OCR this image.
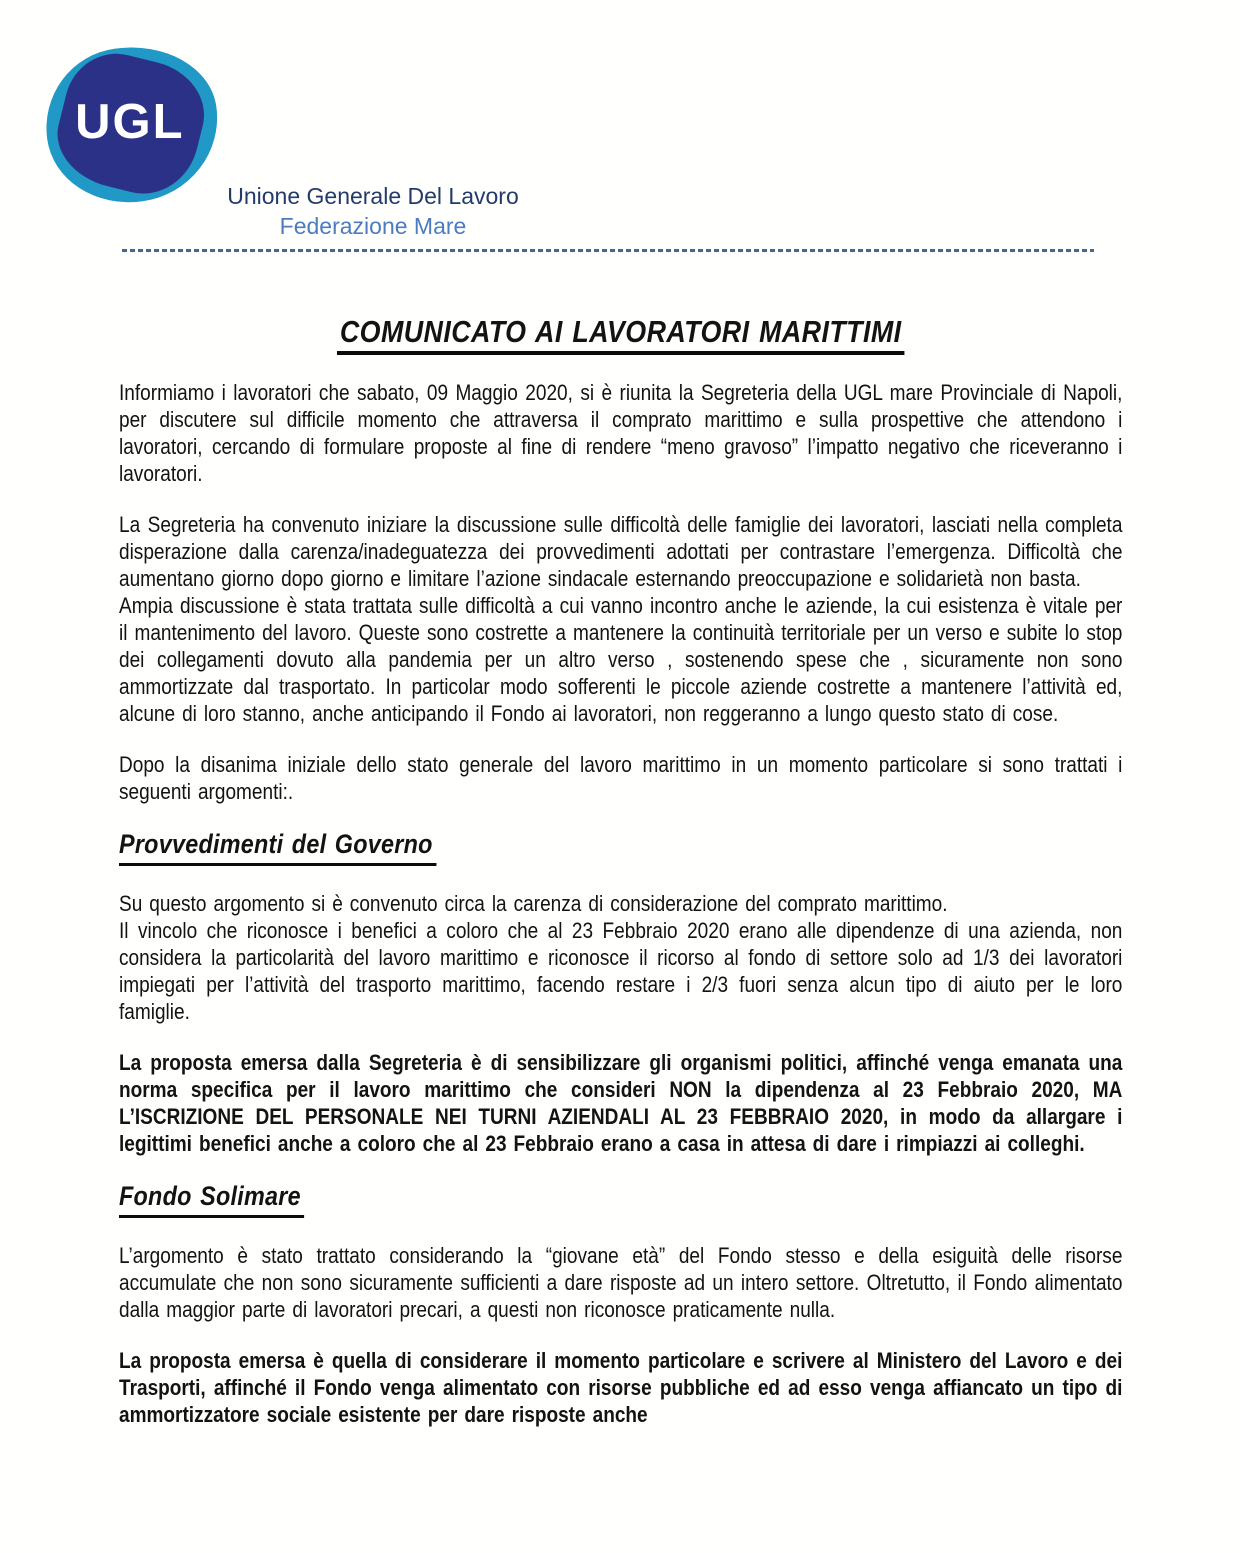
UGL
Unione Generale Del Lavoro
Federazione Mare
COMUNICATO AI LAVORATORI MARITTIMI

Informiamo i lavoratori che sabato, 09 Maggio 2020, si è riunita la Segreteria della UGL mare Provinciale di Napoli, per discutere sul difficile momento che attraversa il comprato marittimo e sulla prospettive che attendono i lavoratori, cercando di formulare proposte al fine di rendere “meno gravoso” l’impatto negativo che riceveranno i lavoratori.

La Segreteria ha convenuto iniziare la discussione sulle difficoltà delle famiglie dei lavoratori, lasciati nella completa disperazione dalla carenza/inadeguatezza dei provvedimenti adottati per contrastare l’emergenza. Difficoltà che aumentano giorno dopo giorno e limitare l’azione sindacale esternando preoccupazione e solidarietà non basta.

Ampia discussione è stata trattata sulle difficoltà a cui vanno incontro anche le aziende, la cui esistenza è vitale per il mantenimento del lavoro. Queste sono costrette a mantenere la continuità territoriale per un verso e subite lo stop dei collegamenti dovuto alla pandemia per un altro verso , sostenendo spese che , sicuramente non sono ammortizzate dal trasportato. In particolar modo sofferenti le piccole aziende costrette a mantenere l’attività ed, alcune di loro stanno, anche anticipando il Fondo ai lavoratori, non reggeranno a lungo questo stato di cose.

Dopo la disanima iniziale dello stato generale del lavoro marittimo in un momento particolare si sono trattati i seguenti argomenti:.

Provvedimenti del Governo

Su questo argomento si è convenuto circa la carenza di considerazione del comprato marittimo.

Il vincolo che riconosce i benefici a coloro che al 23 Febbraio 2020 erano alle dipendenze di una azienda, non considera la particolarità del lavoro marittimo e riconosce il ricorso al fondo di settore solo ad 1/3 dei lavoratori impiegati per l’attività del trasporto marittimo, facendo restare i 2/3 fuori senza alcun tipo di aiuto per le loro famiglie.

La proposta emersa dalla Segreteria è di sensibilizzare gli organismi politici, affinché venga emanata una norma specifica per il lavoro marittimo che consideri NON la dipendenza al 23 Febbraio 2020, MA L’ISCRIZIONE DEL PERSONALE NEI TURNI AZIENDALI AL 23 FEBBRAIO 2020, in modo da allargare i legittimi benefici anche a coloro che al 23 Febbraio erano a casa in attesa di dare i rimpiazzi ai colleghi.

Fondo Solimare

L’argomento è stato trattato considerando la “giovane età” del Fondo stesso e della esiguità delle risorse accumulate che non sono sicuramente sufficienti a dare risposte ad un intero settore. Oltretutto, il Fondo alimentato dalla maggior parte di lavoratori precari, a questi non riconosce praticamente nulla.

La proposta emersa è quella di considerare il momento particolare e scrivere al Ministero del Lavoro e dei Trasporti, affinché il Fondo venga alimentato con risorse pubbliche ed ad esso venga affiancato un tipo di ammortizzatore sociale esistente per dare risposte anche
